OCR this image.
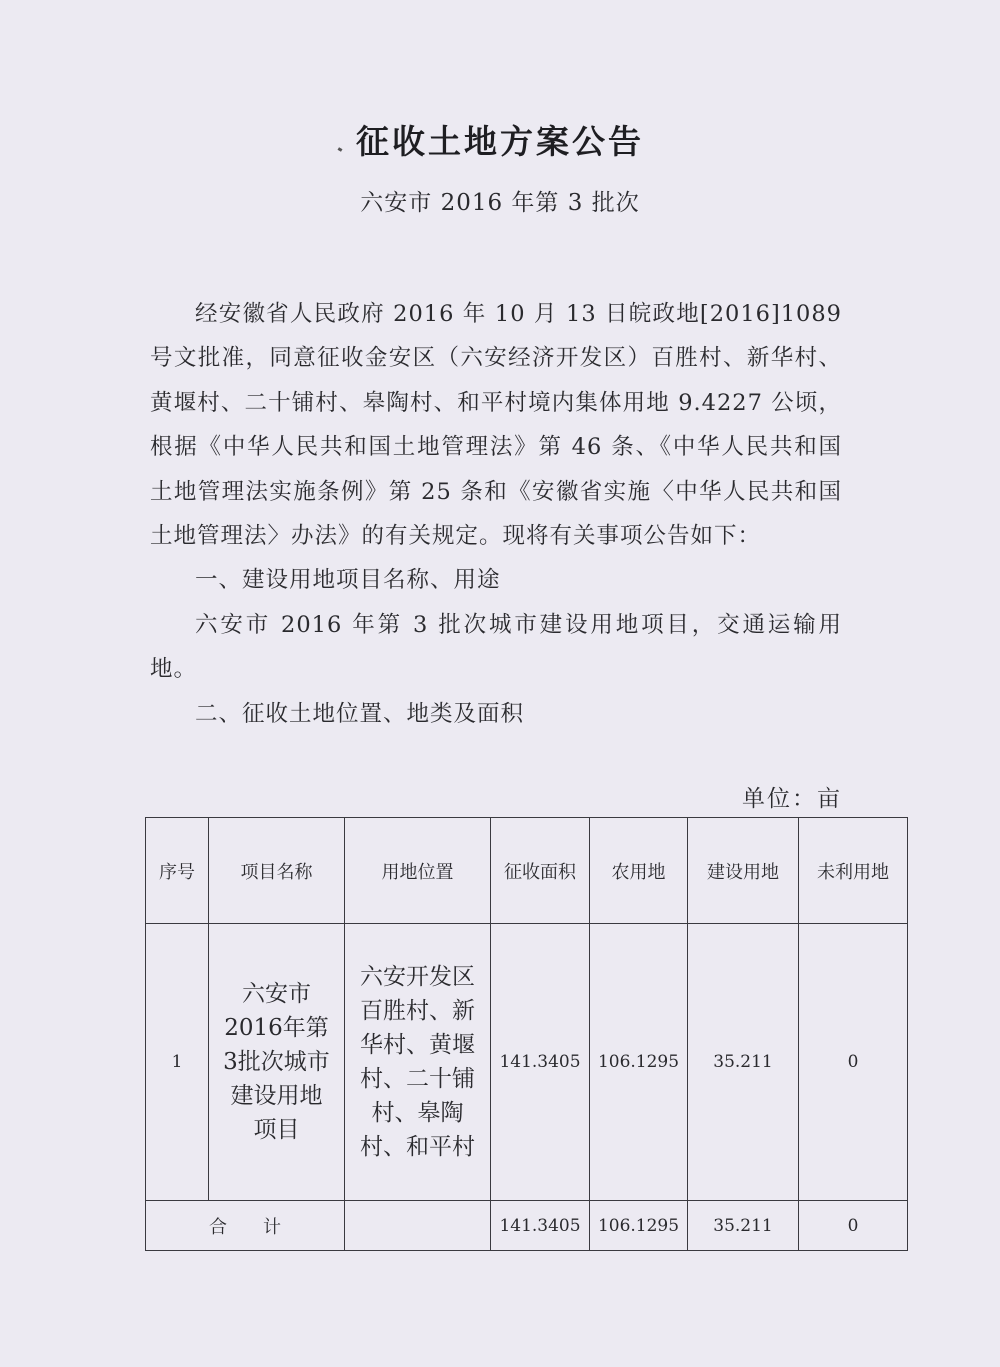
征收土地方案公告
六安市 2016 年第 3 批次

经安徽省人民政府 2016 年 10 月 13 日皖政地[2016]1089 号文批准，同意征收金安区（六安经济开发区）百胜村、新华村、黄堰村、二十铺村、皋陶村、和平村境内集体用地 9.4227 公顷，根据《中华人民共和国土地管理法》第 46 条、《中华人民共和国土地管理法实施条例》第 25 条和《安徽省实施〈中华人民共和国土地管理法〉办法》的有关规定。现将有关事项公告如下：

一、建设用地项目名称、用途

六安市 2016 年第 3 批次城市建设用地项目，交通运输用地。

二、征收土地位置、地类及面积

单位：亩
序号	项目名称	用地位置	征收面积	农用地	建设用地	未利用地
1	六安市2016年第3批次城市建设用地项目	六安开发区百胜村、新华村、黄堰村、二十铺村、皋陶村、和平村	141.3405	106.1295	35.211	0
合　　计			141.3405	106.1295	35.211	0
